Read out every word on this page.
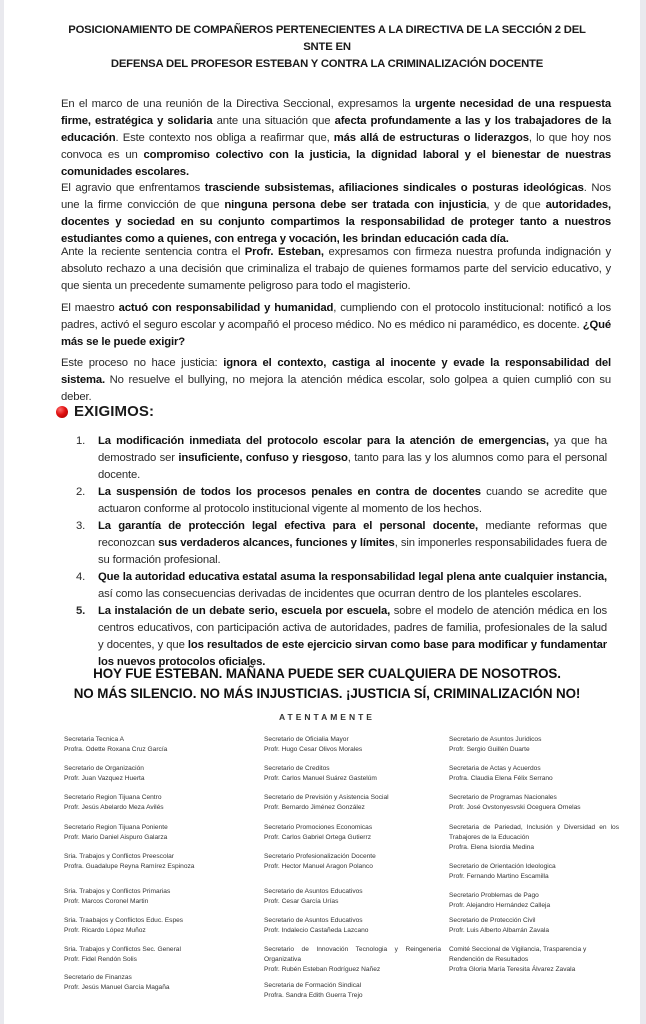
POSICIONAMIENTO DE COMPAÑEROS PERTENECIENTES A LA DIRECTIVA DE LA SECCIÓN 2 DEL SNTE EN
DEFENSA DEL PROFESOR ESTEBAN Y CONTRA LA CRIMINALIZACIÓN DOCENTE
En el marco de una reunión de la Directiva Seccional, expresamos la urgente necesidad de una respuesta firme, estratégica y solidaria ante una situación que afecta profundamente a las y los trabajadores de la educación. Este contexto nos obliga a reafirmar que, más allá de estructuras o liderazgos, lo que hoy nos convoca es un compromiso colectivo con la justicia, la dignidad laboral y el bienestar de nuestras comunidades escolares.
El agravio que enfrentamos trasciende subsistemas, afiliaciones sindicales o posturas ideológicas. Nos une la firme convicción de que ninguna persona debe ser tratada con injusticia, y de que autoridades, docentes y sociedad en su conjunto compartimos la responsabilidad de proteger tanto a nuestros estudiantes como a quienes, con entrega y vocación, les brindan educación cada día.
Ante la reciente sentencia contra el Profr. Esteban, expresamos con firmeza nuestra profunda indignación y absoluto rechazo a una decisión que criminaliza el trabajo de quienes formamos parte del servicio educativo, y que sienta un precedente sumamente peligroso para todo el magisterio.
El maestro actuó con responsabilidad y humanidad, cumpliendo con el protocolo institucional: notificó a los padres, activó el seguro escolar y acompañó el proceso médico. No es médico ni paramédico, es docente. ¿Qué más se le puede exigir?
Este proceso no hace justicia: ignora el contexto, castiga al inocente y evade la responsabilidad del sistema. No resuelve el bullying, no mejora la atención médica escolar, solo golpea a quien cumplió con su deber.
EXIGIMOS:
1. La modificación inmediata del protocolo escolar para la atención de emergencias, ya que ha demostrado ser insuficiente, confuso y riesgoso, tanto para las y los alumnos como para el personal docente.
2. La suspensión de todos los procesos penales en contra de docentes cuando se acredite que actuaron conforme al protocolo institucional vigente al momento de los hechos.
3. La garantía de protección legal efectiva para el personal docente, mediante reformas que reconozcan sus verdaderos alcances, funciones y límites, sin imponerles responsabilidades fuera de su formación profesional.
4. Que la autoridad educativa estatal asuma la responsabilidad legal plena ante cualquier instancia, así como las consecuencias derivadas de incidentes que ocurran dentro de los planteles escolares.
5. La instalación de un debate serio, escuela por escuela, sobre el modelo de atención médica en los centros educativos, con participación activa de autoridades, padres de familia, profesionales de la salud y docentes, y que los resultados de este ejercicio sirvan como base para modificar y fundamentar los nuevos protocolos oficiales.
HOY FUE ESTEBAN. MAÑANA PUEDE SER CUALQUIERA DE NOSOTROS.
NO MÁS SILENCIO. NO MÁS INJUSTICIAS. ¡JUSTICIA SÍ, CRIMINALIZACIÓN NO!
ATENTAMENTE
Secretaria Tecnica A
Profra. Odette Roxana Cruz García
Secretario de Organización
Profr. Juan Vazquez Huerta
Secretario Region Tijuana Centro
Profr. Jesús Abelardo Meza Avilés
Secretario Region Tijuana Poniente
Profr. Mario Daniel Aispuro Galarza
Sria. Trabajos y Conflictos Preescolar
Profra. Guadalupe Reyna Ramírez Espinoza
Sria. Trabajos y Conflictos Primarias
Profr. Marcos Coronel Martin
Sria. Traabajos y Conflictos Educ. Espes
Profr. Ricardo López Muñoz
Sria. Trabajos y Conflictos Sec. General
Profr. Fidel Rendón Solis
Secretario de Finanzas
Profr. Jesús Manuel García Magaña
Secretario de Oficialia Mayor
Profr. Hugo Cesar Olivos Morales
Secretario de Creditos
Profr. Carlos Manuel Suárez Gastelúm
Secretario de Previsión y Asistencia Social
Profr. Bernardo Jiménez González
Secretario Promociones Economicas
Profr. Carlos Gabriel Ortega Gutierrz
Secretario Profesionalización Docente
Profr. Hector Manuel Aragon Polanco
Secretario de Asuntos Educativos
Profr. Cesar García Urías
Secretario de Asuntos Educativos
Profr. Indalecio Castañeda Lazcano
Secretario de Innovación Tecnologia y Reingeneria Organizativa
Profr. Rubén Esteban Rodríguez Nañez
Secretaria de Formación Sindical
Profra. Sandra Edith Guerra Trejo
Secretario de Asuntos Juridicos
Profr. Sergio Guillén Duarte
Secretaria de Actas y Acuerdos
Profra. Claudia Elena Félix Serrano
Secretario de Programas Nacionales
Profr. José Ovstonyesvski Oceguera Ornelas
Secretaria de Pariedad, Inclusión y Diversidad en los Trabajores de la Educación
Profra. Elena Isiordia Medina
Secretario de Orientación Ideologica
Profr. Fernando Martino Escamilla
Secretario Problemas de Pago
Profr. Alejandro Hernández Calleja
Secretario de Protección Civil
Profr. Luis Alberto Albarrán Zavala
Comité Seccional de Vigilancia, Trasparencia y Rendención de Resultados
Profra Gloria María Teresita Álvarez Zavala
